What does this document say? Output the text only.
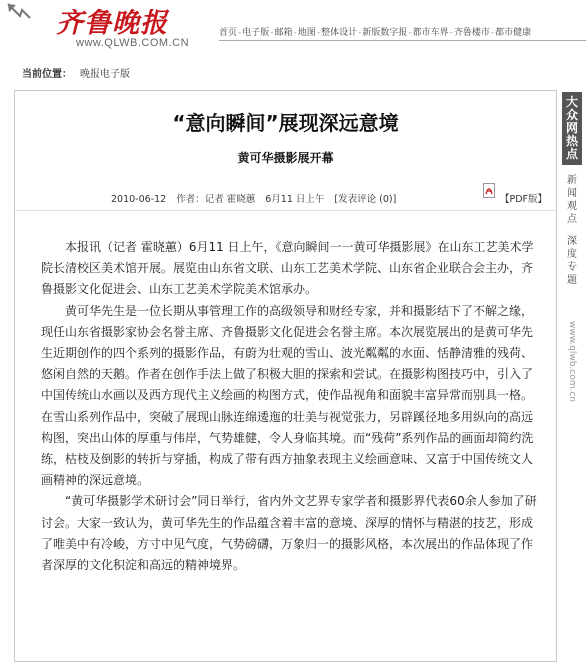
齐鲁晚报
www.QLWB.COM.CN
首页-电子版-邮箱-地图-整体设计-新版数字报-都市车界-齐鲁楼市-都市健康
当前位置： 晚报电子版
“意向瞬间”展现深远意境
黄可华摄影展开幕
2010-06-12 作者：记者 霍晓蕙 6月11 日上午 [发表评论 (0)]	【PDF版】

本报讯（记者 霍晓蕙）6月11 日上午，《意向瞬间一一黄可华摄影展》在山东工艺美术学院长清校区美术馆开展。展览由山东省文联、山东工艺美术学院、山东省企业联合会主办，齐鲁摄影文化促进会、山东工艺美术学院美术馆承办。

黄可华先生是一位长期从事管理工作的高级领导和财经专家，并和摄影结下了不解之缘，现任山东省摄影家协会名誉主席、齐鲁摄影文化促进会名誉主席。本次展览展出的是黄可华先生近期创作的四个系列的摄影作品，有蔚为壮观的雪山、波光粼粼的水面、恬静清雅的残荷、悠闲自然的天鹅。作者在创作手法上做了积极大胆的探索和尝试。在摄影构图技巧中，引入了中国传统山水画以及西方现代主义绘画的构图方式，使作品视角和面貌丰富异常而别具一格。在雪山系列作品中，突破了展现山脉连绵逶迤的壮美与视觉张力，另辟蹊径地多用纵向的高远构图，突出山体的厚重与伟岸，气势雄健，令人身临其境。而“残荷”系列作品的画面却简约洗练，枯枝及倒影的转折与穿插，构成了带有西方抽象表现主义绘画意味、又富于中国传统文人画精神的深远意境。

“黄可华摄影学术研讨会”同日举行，省内外文艺界专家学者和摄影界代表60余人参加了研讨会。大家一致认为，黄可华先生的作品蕴含着丰富的意境、深厚的情怀与精湛的技艺，形成了唯美中有冷峻，方寸中见气度，气势磅礴，万象归一的摄影风格，本次展出的作品体现了作者深厚的文化积淀和高远的精神境界。

大
众
网
热
点
新
闻
观
点
深
度
专
题
www.qlwb.com.cn
